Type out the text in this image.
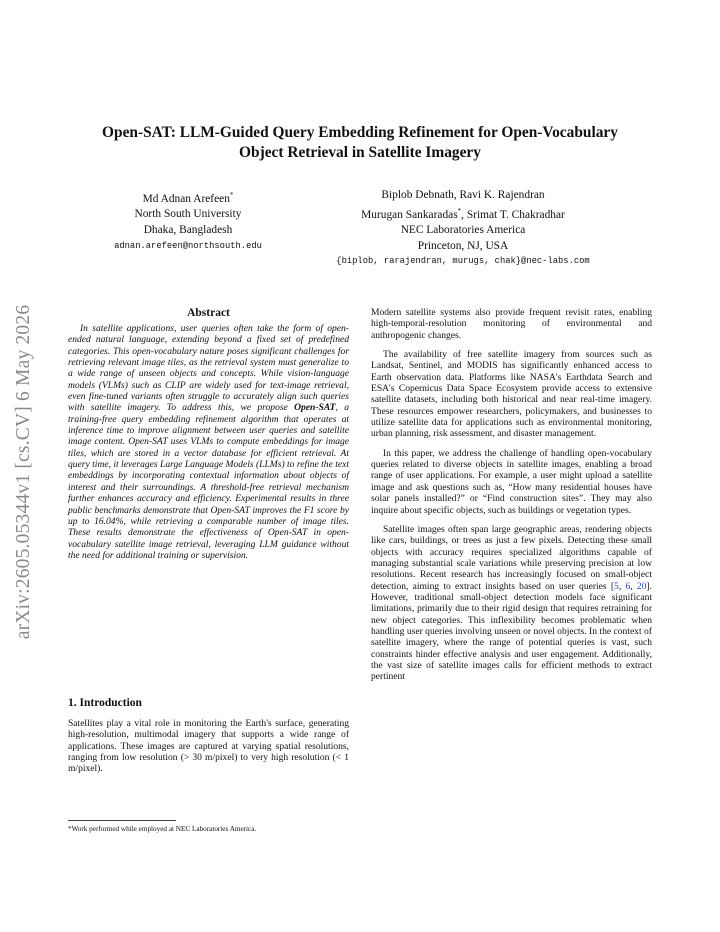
arXiv:2605.05344v1 [cs.CV] 6 May 2026
Open-SAT: LLM-Guided Query Embedding Refinement for Open-Vocabulary
Object Retrieval in Satellite Imagery
Md Adnan Arefeen*
North South University
Dhaka, Bangladesh
adnan.arefeen@northsouth.edu
Biplob Debnath, Ravi K. Rajendran
Murugan Sankaradas*, Srimat T. Chakradhar
NEC Laboratories America
Princeton, NJ, USA
{biplob, rarajendran, murugs, chak}@nec-labs.com
Abstract

In satellite applications, user queries often take the form of open-ended natural language, extending beyond a fixed set of predefined categories. This open-vocabulary nature poses significant challenges for retrieving relevant image tiles, as the retrieval system must generalize to a wide range of unseen objects and concepts. While vision-language models (VLMs) such as CLIP are widely used for text-image retrieval, even fine-tuned variants often struggle to accurately align such queries with satellite imagery. To address this, we propose Open-SAT, a training-free query embedding refinement algorithm that operates at inference time to improve alignment between user queries and satellite image content. Open-SAT uses VLMs to compute embeddings for image tiles, which are stored in a vector database for efficient retrieval. At query time, it leverages Large Language Models (LLMs) to refine the text embeddings by incorporating contextual information about objects of interest and their surroundings. A threshold-free retrieval mechanism further enhances accuracy and efficiency. Experimental results in three public benchmarks demonstrate that Open-SAT improves the F1 score by up to 16.04%, while retrieving a comparable number of image tiles. These results demonstrate the effectiveness of Open-SAT in open-vocabulary satellite image retrieval, leveraging LLM guidance without the need for additional training or supervision.

1. Introduction

Satellites play a vital role in monitoring the Earth's surface, generating high-resolution, multimodal imagery that supports a wide range of applications. These images are captured at varying spatial resolutions, ranging from low resolution (> 30 m/pixel) to very high resolution (< 1 m/pixel).

*Work performed while employed at NEC Laboratories America.

Modern satellite systems also provide frequent revisit rates, enabling high-temporal-resolution monitoring of environmental and anthropogenic changes.

The availability of free satellite imagery from sources such as Landsat, Sentinel, and MODIS has significantly enhanced access to Earth observation data. Platforms like NASA's Earthdata Search and ESA's Copernicus Data Space Ecosystem provide access to extensive satellite datasets, including both historical and near real-time imagery. These resources empower researchers, policymakers, and businesses to utilize satellite data for applications such as environmental monitoring, urban planning, risk assessment, and disaster management.

In this paper, we address the challenge of handling open-vocabulary queries related to diverse objects in satellite images, enabling a broad range of user applications. For example, a user might upload a satellite image and ask questions such as, “How many residential houses have solar panels installed?” or “Find construction sites”. They may also inquire about specific objects, such as buildings or vegetation types.

Satellite images often span large geographic areas, rendering objects like cars, buildings, or trees as just a few pixels. Detecting these small objects with accuracy requires specialized algorithms capable of managing substantial scale variations while preserving precision at low resolutions. Recent research has increasingly focused on small-object detection, aiming to extract insights based on user queries [5, 6, 20]. However, traditional small-object detection models face significant limitations, primarily due to their rigid design that requires retraining for new object categories. This inflexibility becomes problematic when handling user queries involving unseen or novel objects. In the context of satellite imagery, where the range of potential queries is vast, such constraints hinder effective analysis and user engagement. Additionally, the vast size of satellite images calls for efficient methods to extract pertinent
